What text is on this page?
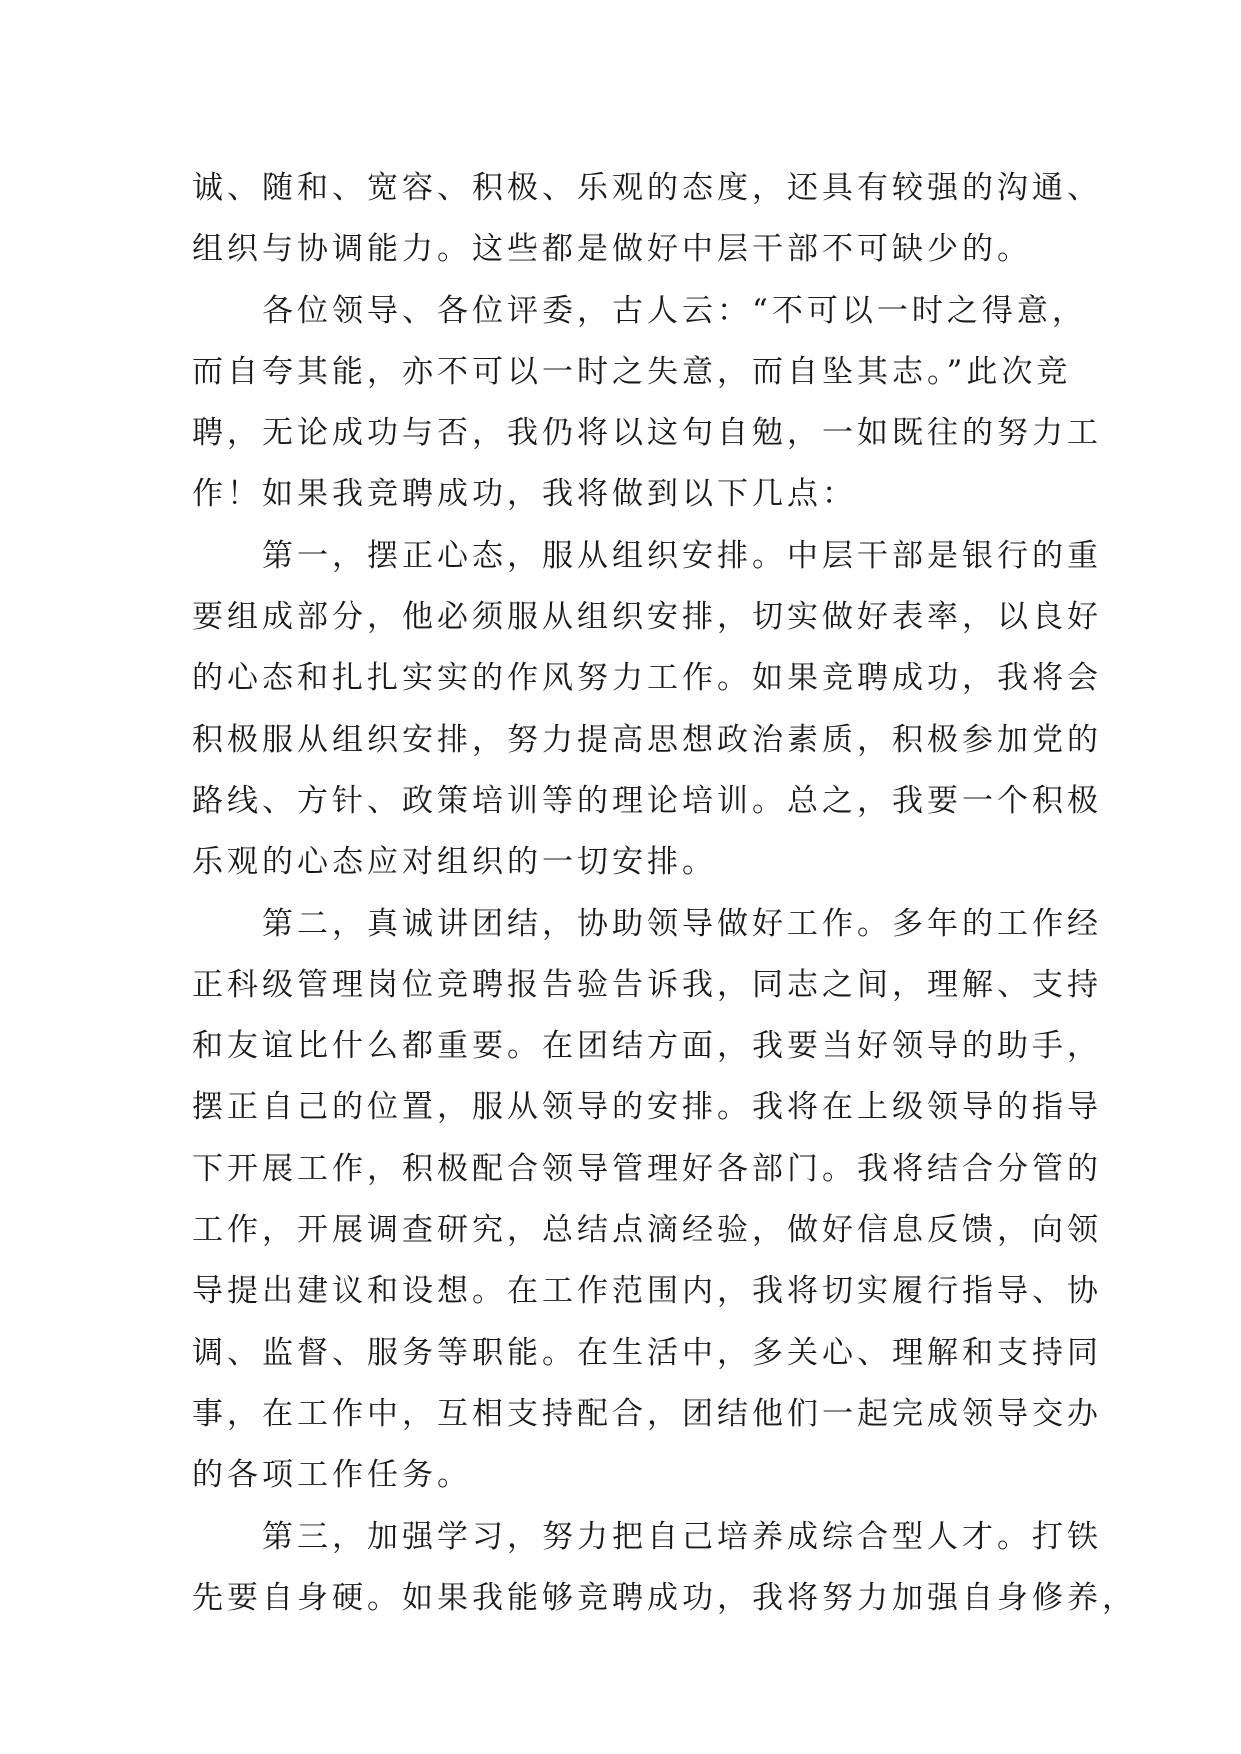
诚、随和、宽容、积极、乐观的态度，还具有较强的沟通、
组织与协调能力。这些都是做好中层干部不可缺少的。
各位领导、各位评委，古人云：“不可以一时之得意，
而自夸其能，亦不可以一时之失意，而自坠其志。”此次竞
聘，无论成功与否，我仍将以这句自勉，一如既往的努力工
作！如果我竞聘成功，我将做到以下几点：
第一，摆正心态，服从组织安排。中层干部是银行的重
要组成部分，他必须服从组织安排，切实做好表率，以良好
的心态和扎扎实实的作风努力工作。如果竞聘成功，我将会
积极服从组织安排，努力提高思想政治素质，积极参加党的
路线、方针、政策培训等的理论培训。总之，我要一个积极
乐观的心态应对组织的一切安排。
第二，真诚讲团结，协助领导做好工作。多年的工作经
正科级管理岗位竞聘报告验告诉我，同志之间，理解、支持
和友谊比什么都重要。在团结方面，我要当好领导的助手，
摆正自己的位置，服从领导的安排。我将在上级领导的指导
下开展工作，积极配合领导管理好各部门。我将结合分管的
工作，开展调查研究，总结点滴经验，做好信息反馈，向领
导提出建议和设想。在工作范围内，我将切实履行指导、协
调、监督、服务等职能。在生活中，多关心、理解和支持同
事，在工作中，互相支持配合，团结他们一起完成领导交办
的各项工作任务。
第三，加强学习，努力把自己培养成综合型人才。打铁
先要自身硬。如果我能够竞聘成功，我将努力加强自身修养，
